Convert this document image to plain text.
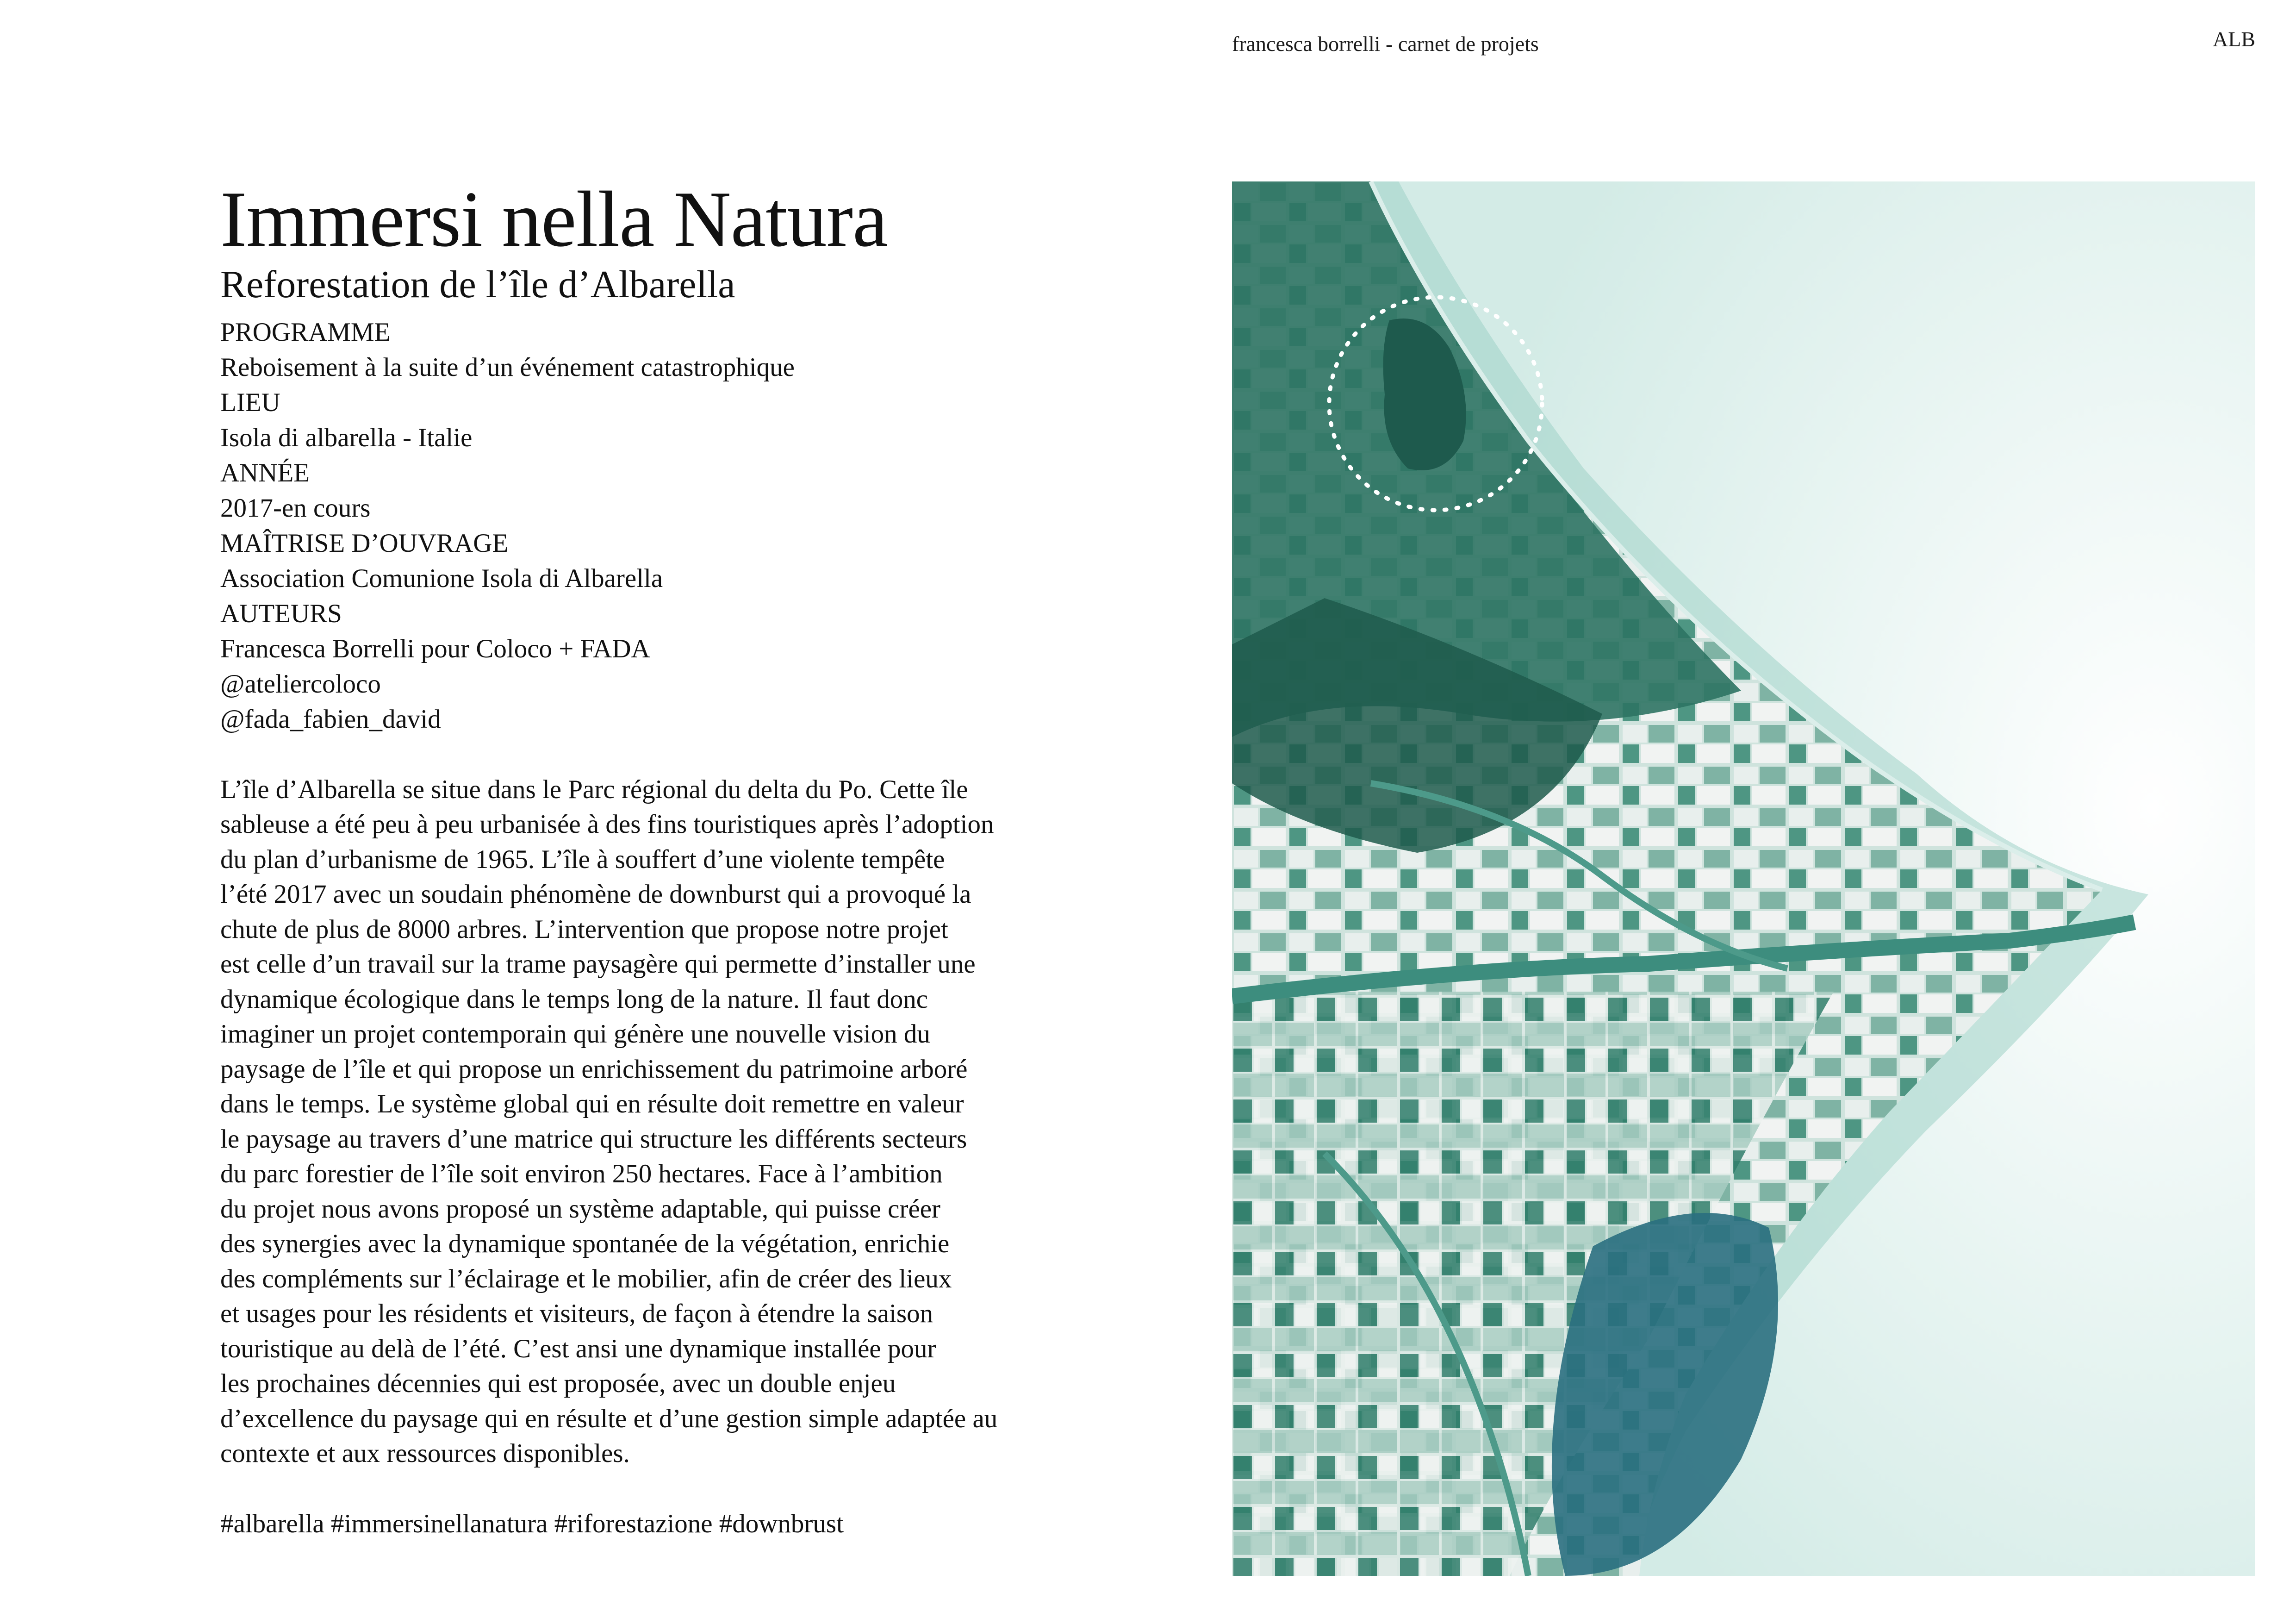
francesca borrelli - carnet de projets	ALB
Immersi nella Natura
Reforestation de l’île d’Albarella
PROGRAMME
Reboisement à la suite d’un événement catastrophique
LIEU
Isola di albarella - Italie
ANNÉE
2017-en cours
MAÎTRISE D’OUVRAGE
Association Comunione Isola di Albarella
AUTEURS
Francesca Borrelli pour Coloco + FADA
@ateliercoloco
@fada_fabien_david
L’île d’Albarella se situe dans le Parc régional du delta du Po. Cette île
sableuse a été peu à peu urbanisée à des fins touristiques après l’adoption
du plan d’urbanisme de 1965. L’île à souffert d’une violente tempête
l’été 2017 avec un soudain phénomène de downburst qui a provoqué la
chute de plus de 8000 arbres. L’intervention que propose notre projet
est celle d’un travail sur la trame paysagère qui permette d’installer une
dynamique écologique dans le temps long de la nature. Il faut donc
imaginer un projet contemporain qui génère une nouvelle vision du
paysage de l’île et qui propose un enrichissement du patrimoine arboré
dans le temps. Le système global qui en résulte doit remettre en valeur
le paysage au travers d’une matrice qui structure les différents secteurs
du parc forestier de l’île soit environ 250 hectares. Face à l’ambition
du projet nous avons proposé un système adaptable, qui puisse créer
des synergies avec la dynamique spontanée de la végétation, enrichie
des compléments sur l’éclairage et le mobilier, afin de créer des lieux
et usages pour les résidents et visiteurs, de façon à étendre la saison
touristique au delà de l’été. C’est ansi une dynamique installée pour
les prochaines décennies qui est proposée, avec un double enjeu
d’excellence du paysage qui en résulte et d’une gestion simple adaptée au
contexte et aux ressources disponibles.
#albarella #immersinellanatura #riforestazione #downbrust
